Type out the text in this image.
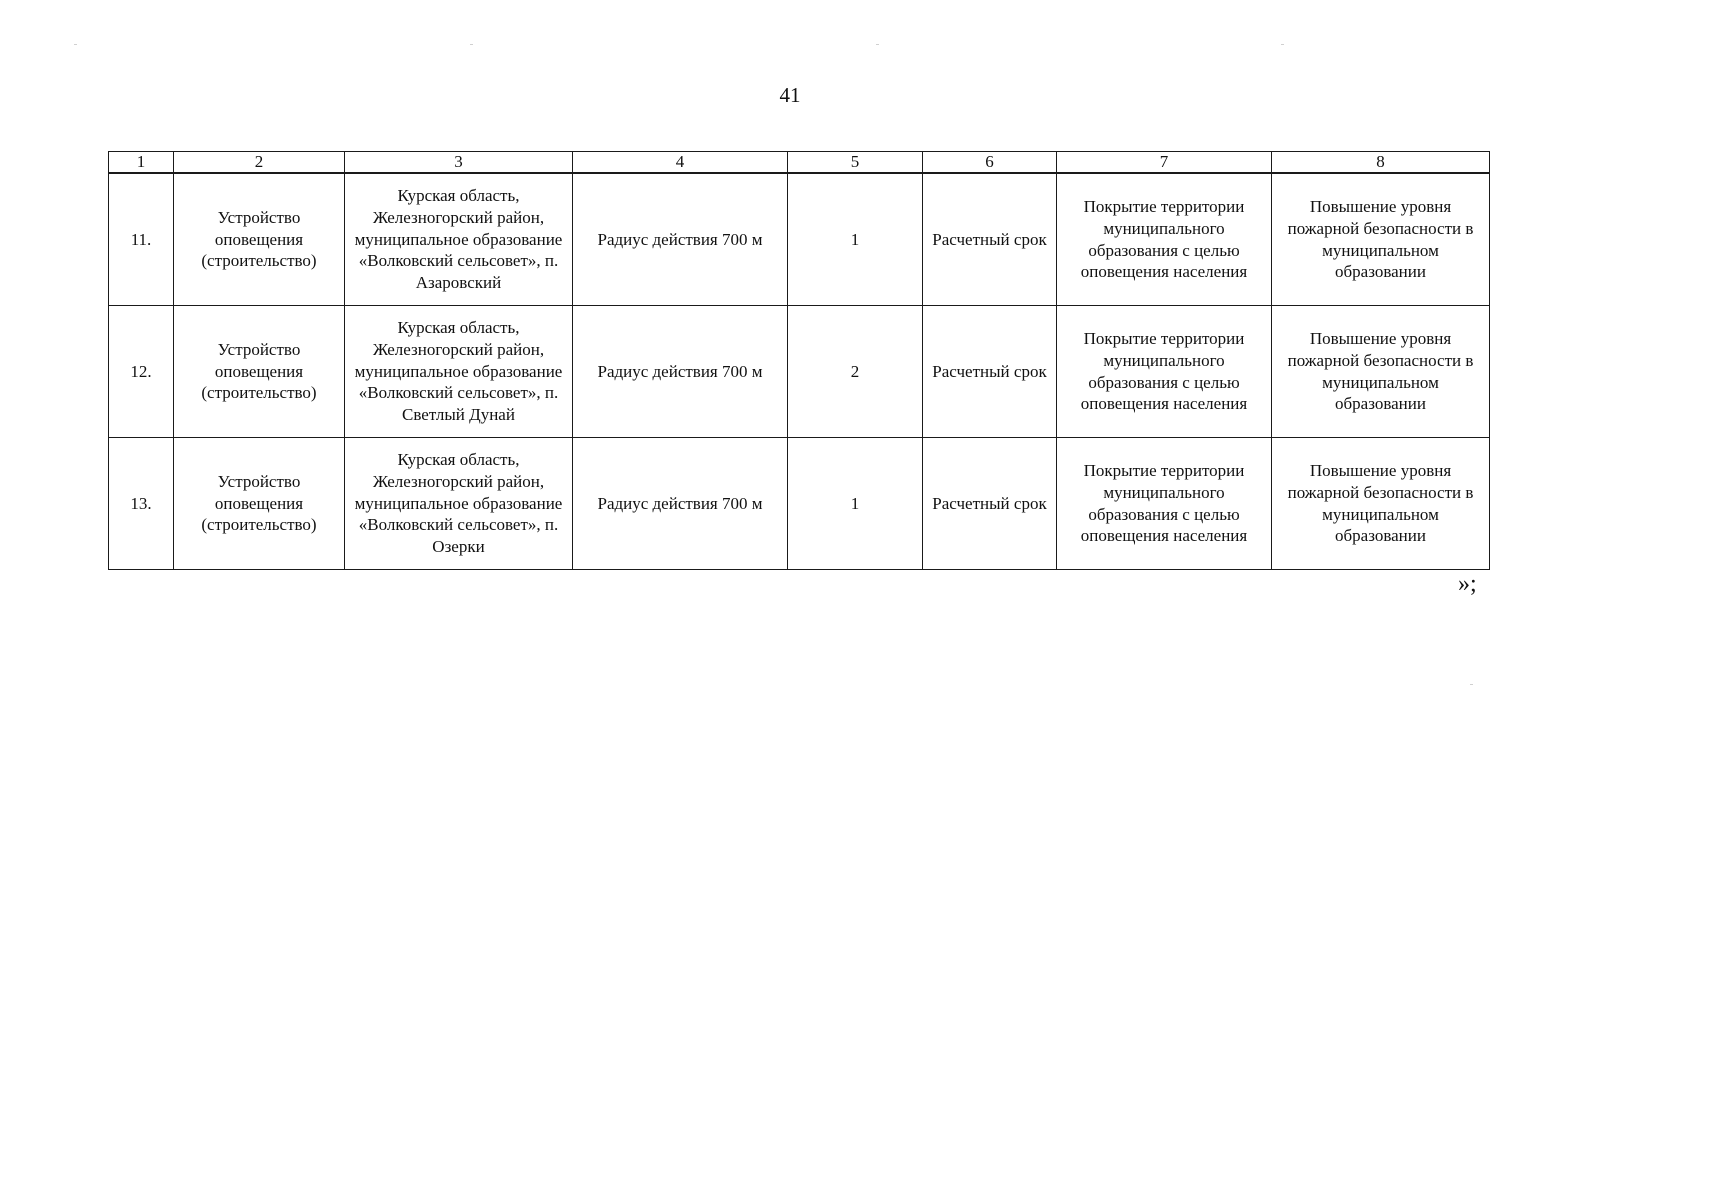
41
1	2	3	4	5	6	7	8

11.	Устройство оповещения (строительство)	Курская область, Железногорский район, муниципальное образование «Волковский сельсовет», п. Азаровский	Радиус действия 700 м	1	Расчетный срок	Покрытие территории муниципального образования с целью оповещения населения	Повышение уровня пожарной безопасности в муниципальном образовании

12.	Устройство оповещения (строительство)	Курская область, Железногорский район, муниципальное образование «Волковский сельсовет», п. Светлый Дунай	Радиус действия 700 м	2	Расчетный срок	Покрытие территории муниципального образования с целью оповещения населения	Повышение уровня пожарной безопасности в муниципальном образовании

13.	Устройство оповещения (строительство)	Курская область, Железногорский район, муниципальное образование «Волковский сельсовет», п. Озерки	Радиус действия 700 м	1	Расчетный срок	Покрытие территории муниципального образования с целью оповещения населения	Повышение уровня пожарной безопасности в муниципальном образовании
»;
